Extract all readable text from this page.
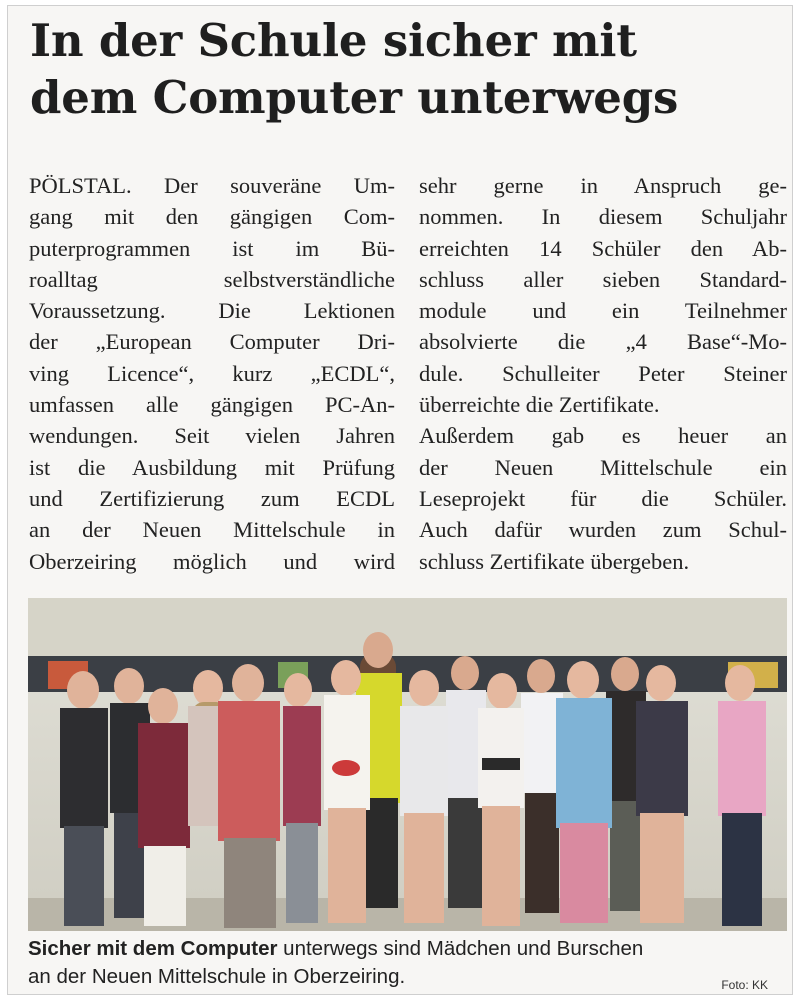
In der Schule sicher mit
dem Computer unterwegs
PÖLSTAL. Der souveräne Um-
gang mit den gängigen Com-
puterprogrammen ist im Bü-
roalltag selbstverständliche
Voraussetzung. Die Lektionen
der „European Computer Dri-
ving Licence“, kurz „ECDL“,
umfassen alle gängigen PC-An-
wendungen. Seit vielen Jahren
ist die Ausbildung mit Prüfung
und Zertifizierung zum ECDL
an der Neuen Mittelschule in
Oberzeiring möglich und wird
sehr gerne in Anspruch ge-
nommen. In diesem Schuljahr
erreichten 14 Schüler den Ab-
schluss aller sieben Standard-
module und ein Teilnehmer
absolvierte die „4 Base“-Mo-
dule. Schulleiter Peter Steiner
überreichte die Zertifikate.
Außerdem gab es heuer an
der Neuen Mittelschule ein
Leseprojekt für die Schüler.
Auch dafür wurden zum Schul-
schluss Zertifikate übergeben.
Sicher mit dem Computer unterwegs sind Mädchen und Burschen
an der Neuen Mittelschule in Oberzeiring.	Foto: KK
